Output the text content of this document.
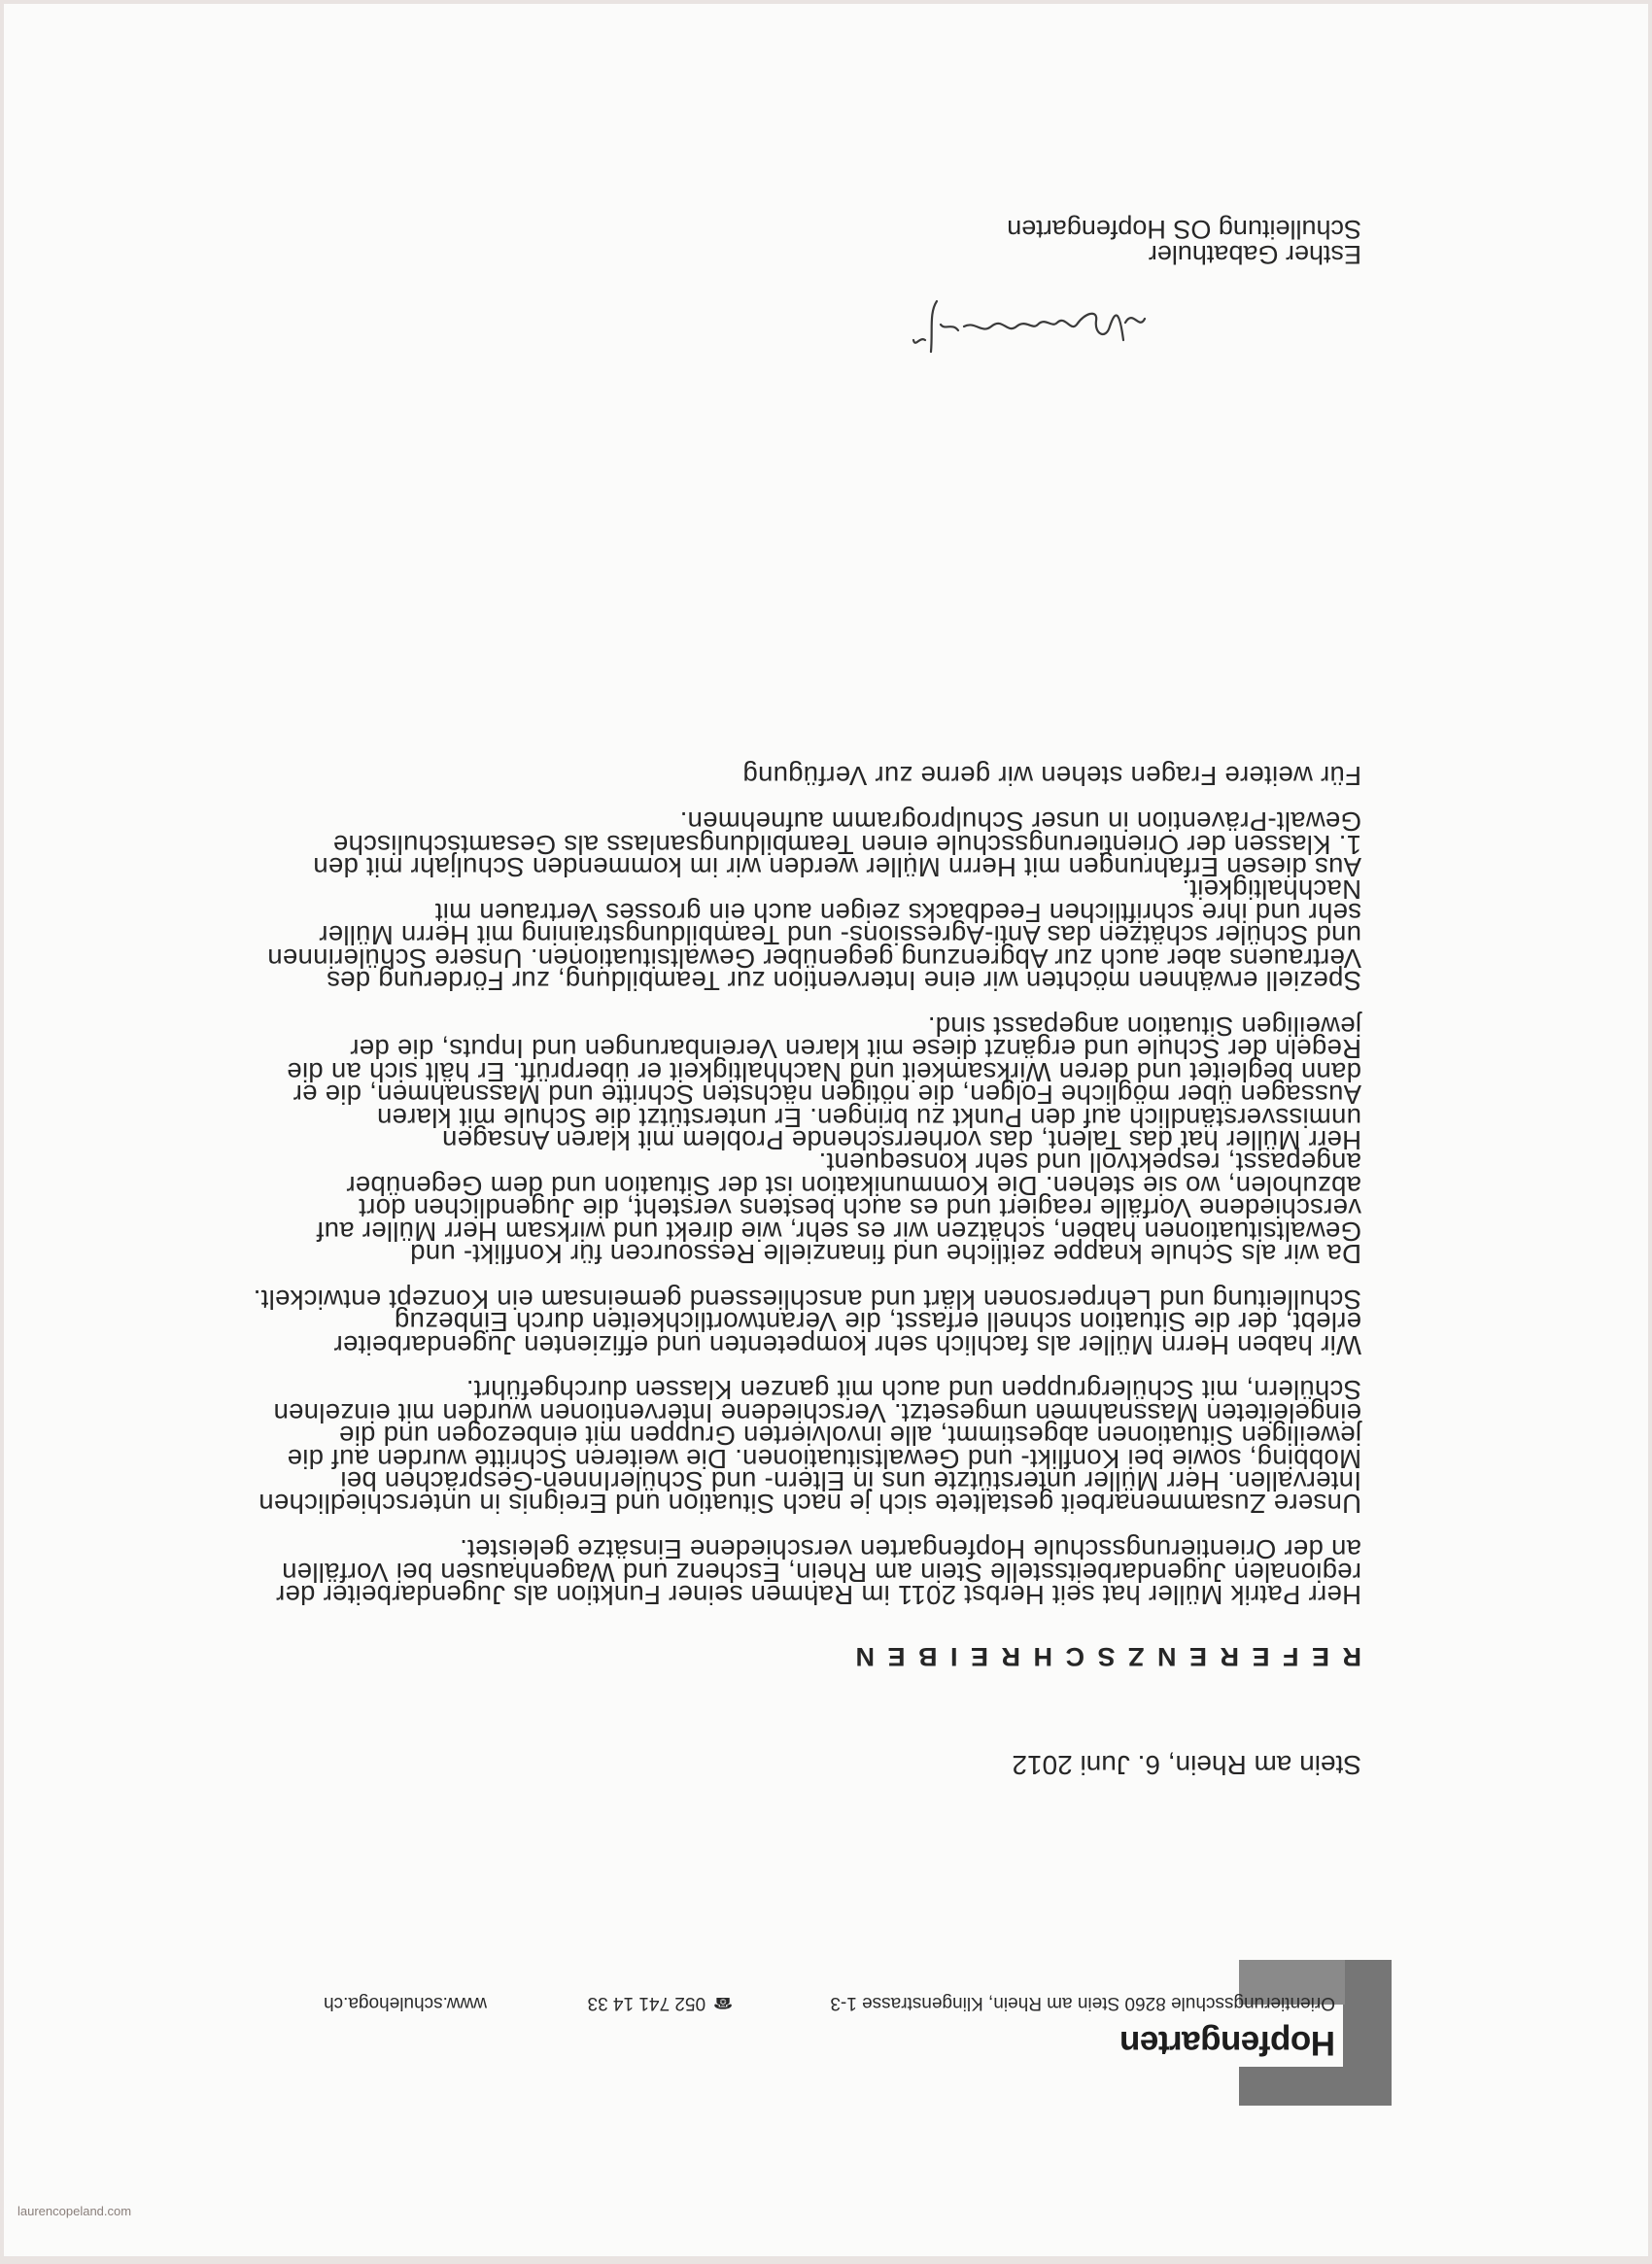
Hopfengarten
Orientierungsschule 8260 Stein am Rhein, Klingenstrasse 1-3
☎052 741 14 33
www.schulehoga.ch
Stein am Rhein, 6. Juni 2012
REFERENZSCHREIBEN

Herr Patrik Müller hat seit Herbst 2011 im Rahmen seiner Funktion als Jugendarbeiter der
regionalen Jugendarbeitsstelle Stein am Rhein, Eschenz und Wagenhausen bei Vorfällen
an der Orientierungsschule Hopfengarten verschiedene Einsätze geleistet.

Unsere Zusammenarbeit gestaltete sich je nach Situation und Ereignis in unterschiedlichen
Intervallen. Herr Müller unterstützte uns in Eltern- und SchülerInnen-Gesprächen bei
Mobbing, sowie bei Konflikt- und Gewaltsituationen. Die weiteren Schritte wurden auf die
jeweiligen Situationen abgestimmt, alle involvierten Gruppen mit einbezogen und die
eingeleiteten Massnahmen umgesetzt. Verschiedene Interventionen wurden mit einzelnen
Schülern, mit Schülergruppen und auch mit ganzen Klassen durchgeführt.

Wir haben Herrn Müller als fachlich sehr kompetenten und effizienten Jugendarbeiter
erlebt, der die Situation schnell erfasst, die Verantwortlichkeiten durch Einbezug
Schulleitung und Lehrpersonen klärt und anschliessend gemeinsam ein Konzept entwickelt.

Da wir als Schule knappe zeitliche und finanzielle Ressourcen für Konflikt- und
Gewaltsituationen haben, schätzen wir es sehr, wie direkt und wirksam Herr Müller auf
verschiedene Vorfälle reagiert und es auch bestens versteht, die Jugendlichen dort
abzuholen, wo sie stehen. Die Kommunikation ist der Situation und dem Gegenüber
angepasst, respektvoll und sehr konsequent.
Herr Müller hat das Talent, das vorherrschende Problem mit klaren Ansagen
unmissverständlich auf den Punkt zu bringen. Er unterstützt die Schule mit klaren
Aussagen über mögliche Folgen, die nötigen nächsten Schritte und Massnahmen, die er
dann begleitet und deren Wirksamkeit und Nachhaltigkeit er überprüft. Er hält sich an die
Regeln der Schule und ergänzt diese mit klaren Vereinbarungen und Inputs, die der
jeweiligen Situation angepasst sind.

Speziell erwähnen möchten wir eine Intervention zur Teambildung, zur Förderung des
Vertrauens aber auch zur Abgrenzung gegenüber Gewaltsituationen. Unsere Schülerinnen
und Schüler schätzen das Anti-Agressions- und Teambildungstraining mit Herrn Müller
sehr und ihre schriftlichen Feedbacks zeigen auch ein grosses Vertrauen mit
Nachhaltigkeit.
Aus diesen Erfahrungen mit Herrn Müller werden wir im kommenden Schuljahr mit den
1. Klassen der Orientierungsschule einen Teambildungsanlass als Gesamtschulische
Gewalt-Prävention in unser Schulprogramm aufnehmen.

Für weitere Fragen stehen wir gerne zur Verfügung

Esther Gabathuler
Schulleitung OS Hopfengarten
laurencopeland.com
